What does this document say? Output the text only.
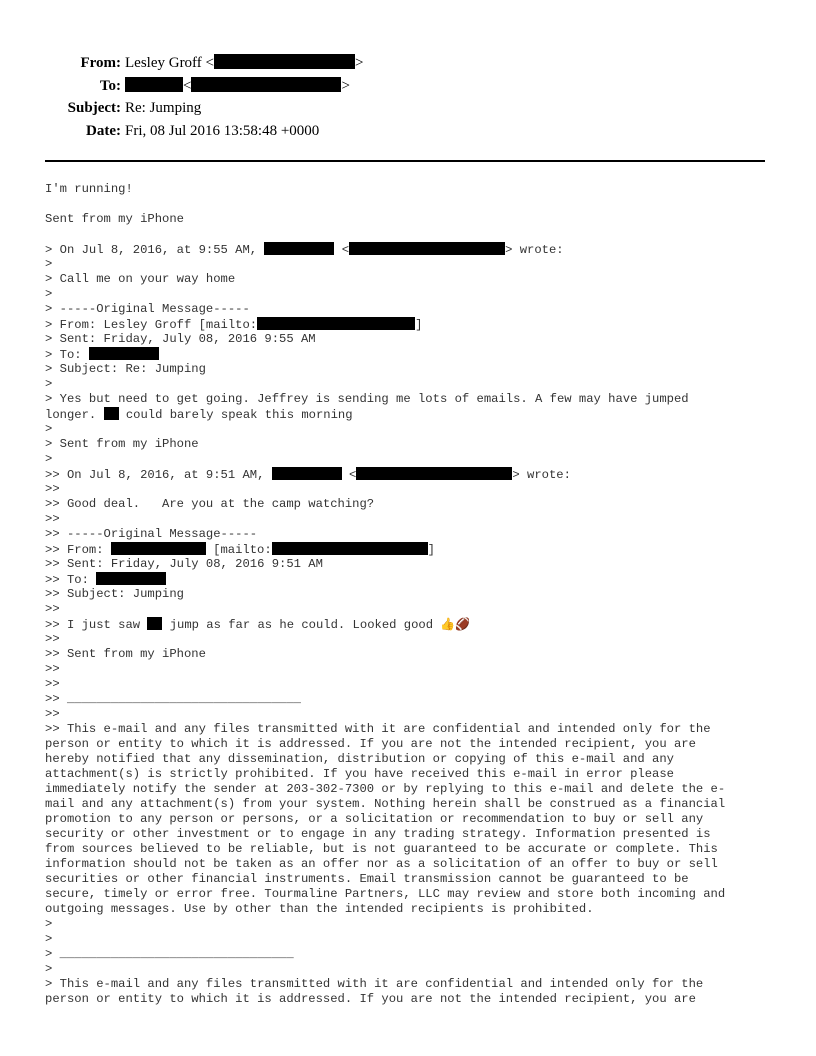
From: Lesley Groff <	>
To:	<	>
Subject: Re: Jumping
Date: Fri, 08 Jul 2016 13:58:48 +0000
I'm running!
Sent from my iPhone
> On Jul 8, 2016, at 9:55 AM,	<	> wrote:
>
> Call me on your way home
>
> -----Original Message-----
> From: Lesley Groff [mailto:	]
> Sent: Friday, July 08, 2016 9:55 AM
> To:
> Subject: Re: Jumping
>
> Yes but need to get going. Jeffrey is sending me lots of emails. A few may have jumped
longer.  could barely speak this morning
>
> Sent from my iPhone
>
>> On Jul 8, 2016, at 9:51 AM,	<	> wrote:
>>
>> Good deal.   Are you at the camp watching?
>>
>> -----Original Message-----
>> From:	[mailto:	]
>> Sent: Friday, July 08, 2016 9:51 AM
>> To:
>> Subject: Jumping
>>
>> I just saw  jump as far as he could. Looked good 👍🏈
>>
>> Sent from my iPhone
>>
>>
>> ________________________________
>>
>> This e-mail and any files transmitted with it are confidential and intended only for the
person or entity to which it is addressed. If you are not the intended recipient, you are
hereby notified that any dissemination, distribution or copying of this e-mail and any
attachment(s) is strictly prohibited. If you have received this e-mail in error please
immediately notify the sender at 203-302-7300 or by replying to this e-mail and delete the e-
mail and any attachment(s) from your system. Nothing herein shall be construed as a financial
promotion to any person or persons, or a solicitation or recommendation to buy or sell any
security or other investment or to engage in any trading strategy. Information presented is
from sources believed to be reliable, but is not guaranteed to be accurate or complete. This
information should not be taken as an offer nor as a solicitation of an offer to buy or sell
securities or other financial instruments. Email transmission cannot be guaranteed to be
secure, timely or error free. Tourmaline Partners, LLC may review and store both incoming and
outgoing messages. Use by other than the intended recipients is prohibited.
>
>
> ________________________________
>
> This e-mail and any files transmitted with it are confidential and intended only for the
person or entity to which it is addressed. If you are not the intended recipient, you are
